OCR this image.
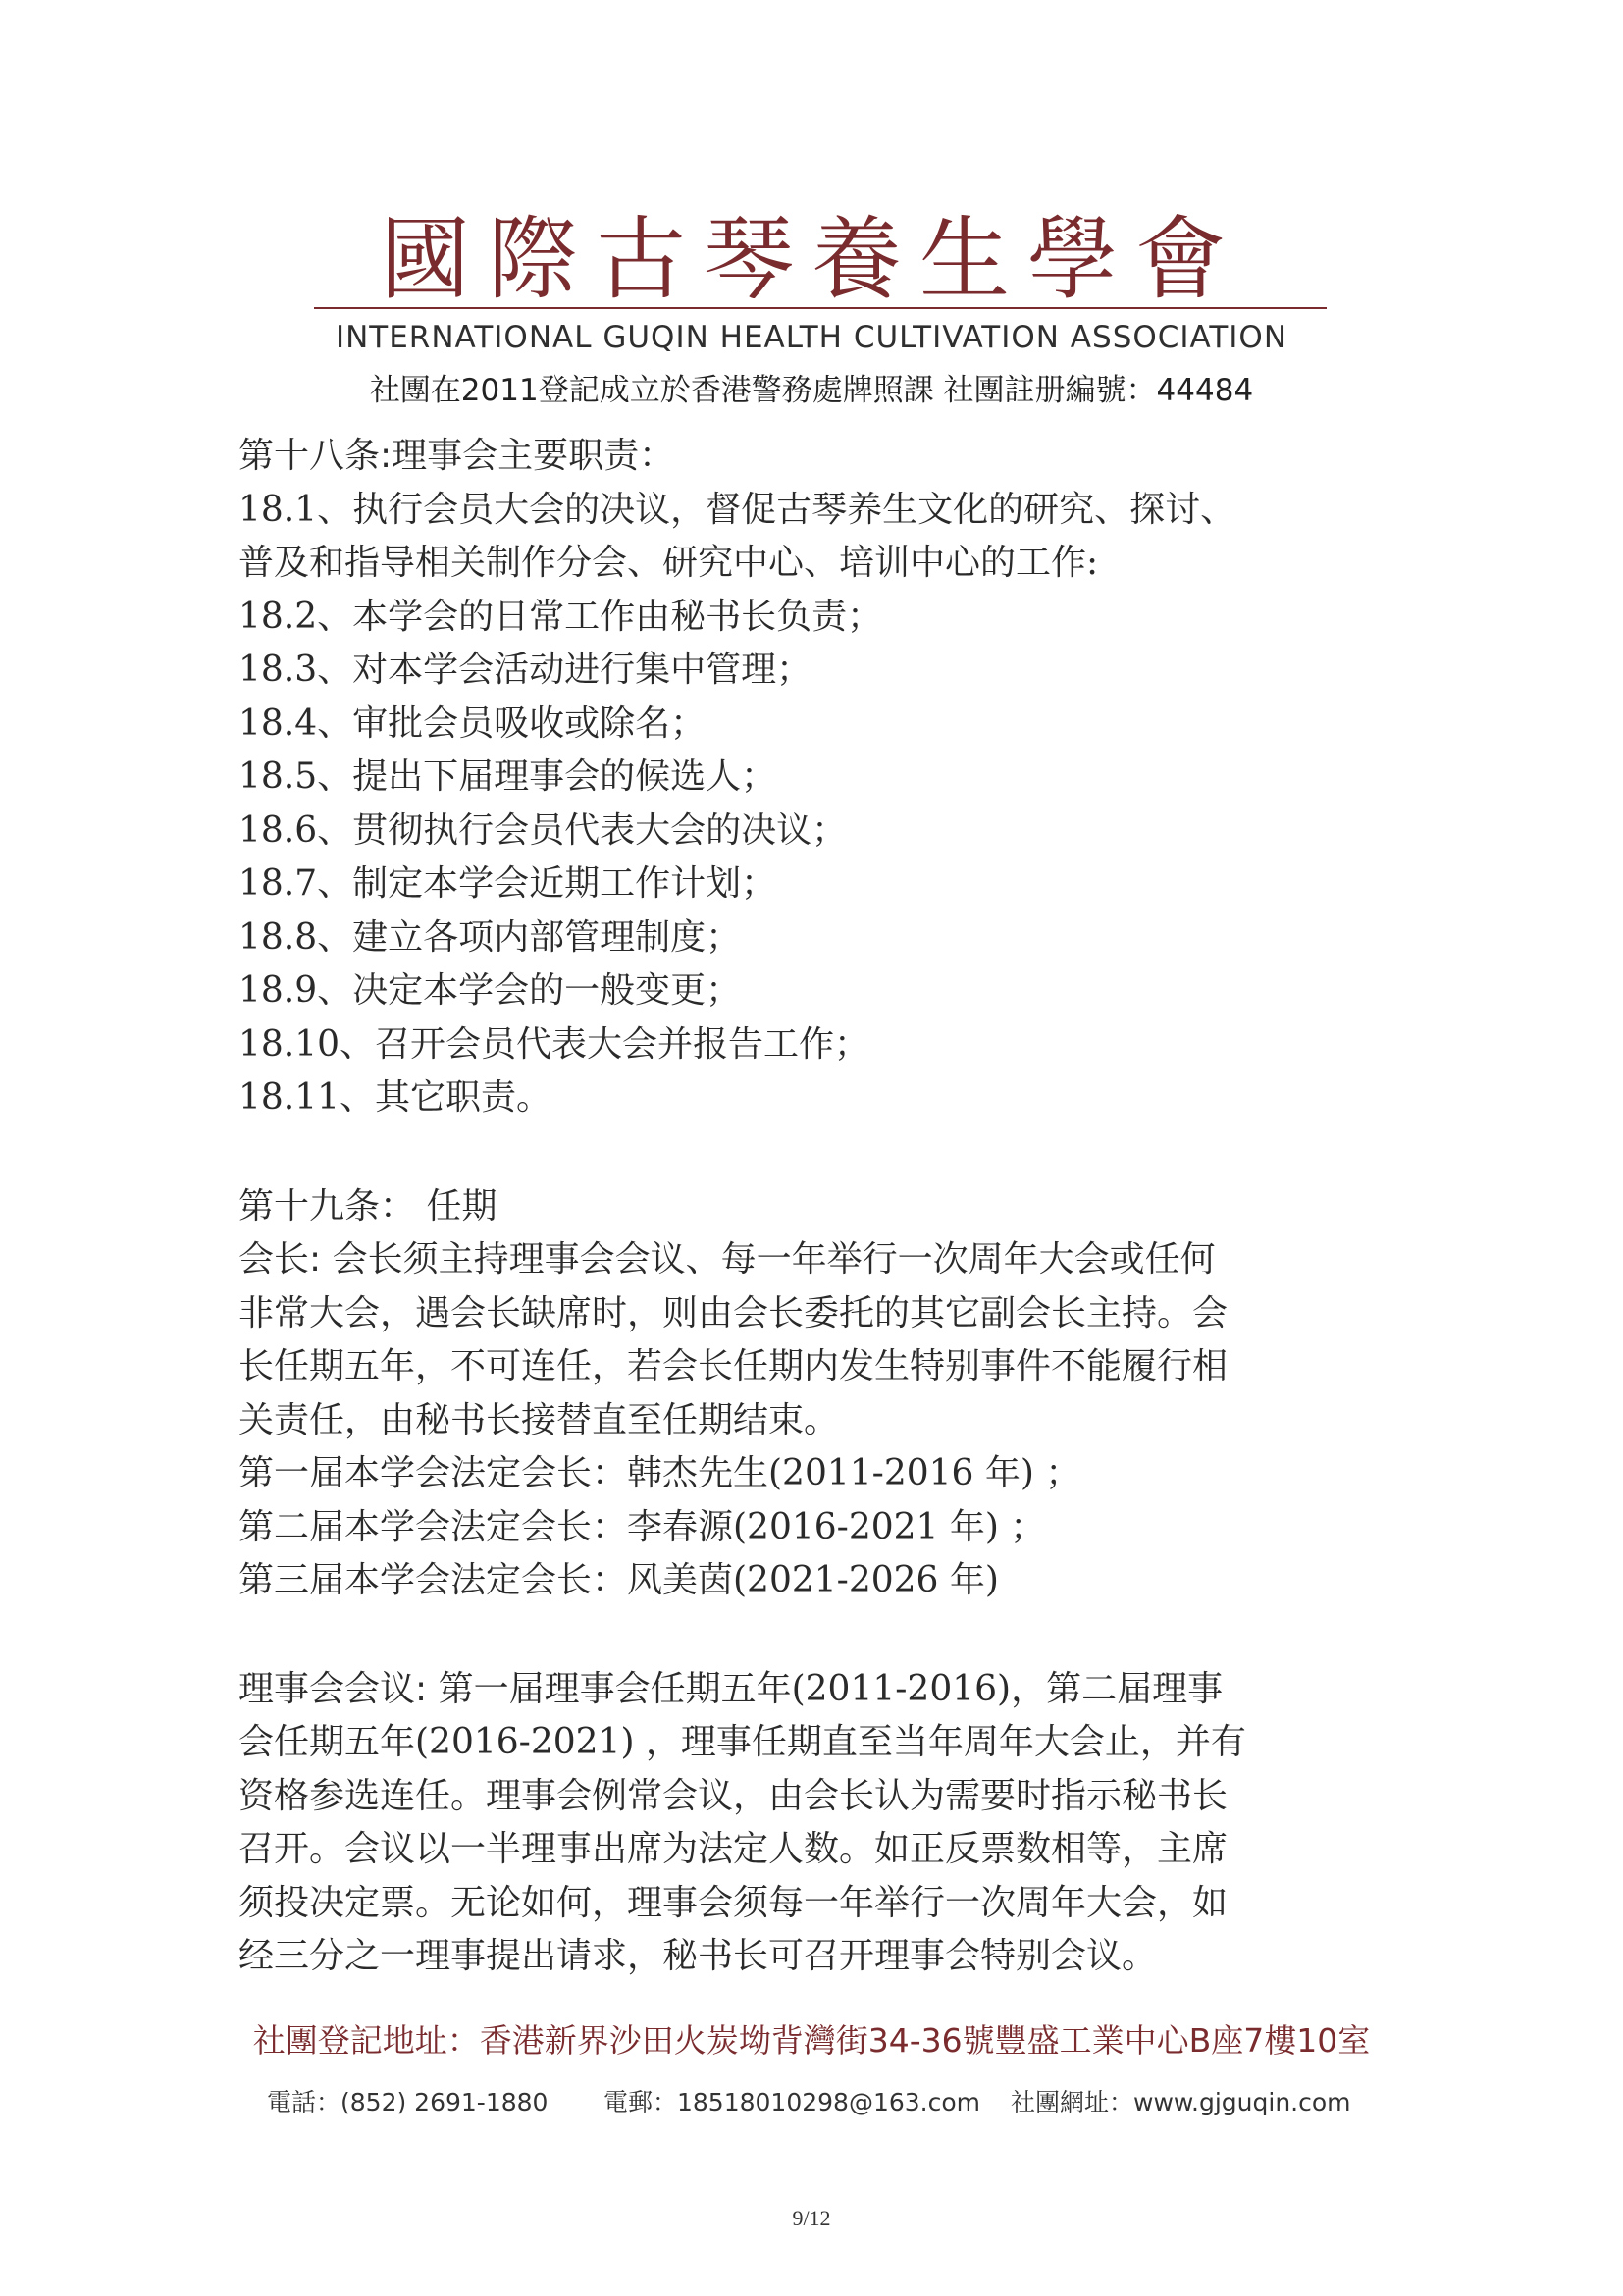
國際古琴養生學會
INTERNATIONAL GUQIN HEALTH CULTIVATION ASSOCIATION
社團在2011登記成立於香港警務處牌照課 社團註册編號：44484
第十八条:理事会主要职责：
18.1、执行会员大会的决议，督促古琴养生文化的研究、探讨、
普及和指导相关制作分会、研究中心、培训中心的工作:
18.2、本学会的日常工作由秘书长负责；
18.3、对本学会活动进行集中管理；
18.4、审批会员吸收或除名；
18.5、提出下届理事会的候选人；
18.6、贯彻执行会员代表大会的决议；
18.7、制定本学会近期工作计划；
18.8、建立各项内部管理制度；
18.9、决定本学会的一般变更；
18.10、召开会员代表大会并报告工作；
18.11、其它职责。
第十九条： 任期
会长: 会长须主持理事会会议、每一年举行一次周年大会或任何
非常大会，遇会长缺席时，则由会长委托的其它副会长主持。会
长任期五年，不可连任，若会长任期内发生特别事件不能履行相
关责任，由秘书长接替直至任期结束。
第一届本学会法定会长：韩杰先生(2011-2016 年) ；
第二届本学会法定会长：李春源(2016-2021 年) ；
第三届本学会法定会长：风美茵(2021-2026 年)
理事会会议: 第一届理事会任期五年(2011-2016)，第二届理事
会任期五年(2016-2021) ，理事任期直至当年周年大会止，并有
资格参选连任。理事会例常会议，由会长认为需要时指示秘书长
召开。会议以一半理事出席为法定人数。如正反票数相等，主席
须投决定票。无论如何，理事会须每一年举行一次周年大会，如
经三分之一理事提出请求，秘书长可召开理事会特别会议。
社團登記地址：香港新界沙田火炭坳背灣街34-36號豐盛工業中心B座7樓10室
電話：(852) 2691-1880 電郵：18518010298@163.com 社團網址：www.gjguqin.com
9/12
